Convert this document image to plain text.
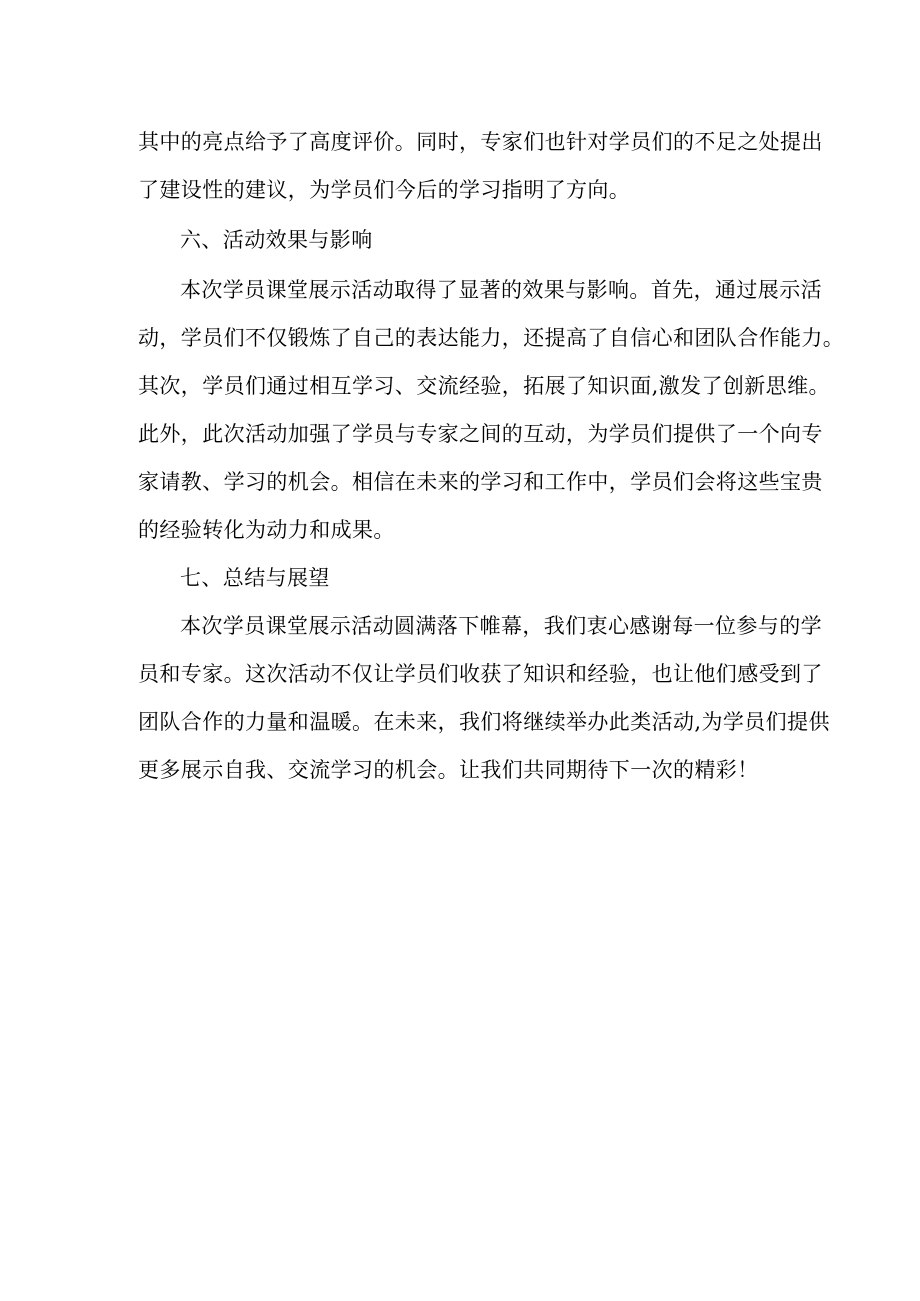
其中的亮点给予了高度评价。同时，专家们也针对学员们的不足之处提出
了建设性的建议，为学员们今后的学习指明了方向。
六、活动效果与影响
本次学员课堂展示活动取得了显著的效果与影响。首先，通过展示活
动，学员们不仅锻炼了自己的表达能力，还提高了自信心和团队合作能力。
其次，学员们通过相互学习、交流经验，拓展了知识面,激发了创新思维。
此外，此次活动加强了学员与专家之间的互动，为学员们提供了一个向专
家请教、学习的机会。相信在未来的学习和工作中，学员们会将这些宝贵
的经验转化为动力和成果。
七、总结与展望
本次学员课堂展示活动圆满落下帷幕，我们衷心感谢每一位参与的学
员和专家。这次活动不仅让学员们收获了知识和经验，也让他们感受到了
团队合作的力量和温暖。在未来，我们将继续举办此类活动,为学员们提供
更多展示自我、交流学习的机会。让我们共同期待下一次的精彩！
